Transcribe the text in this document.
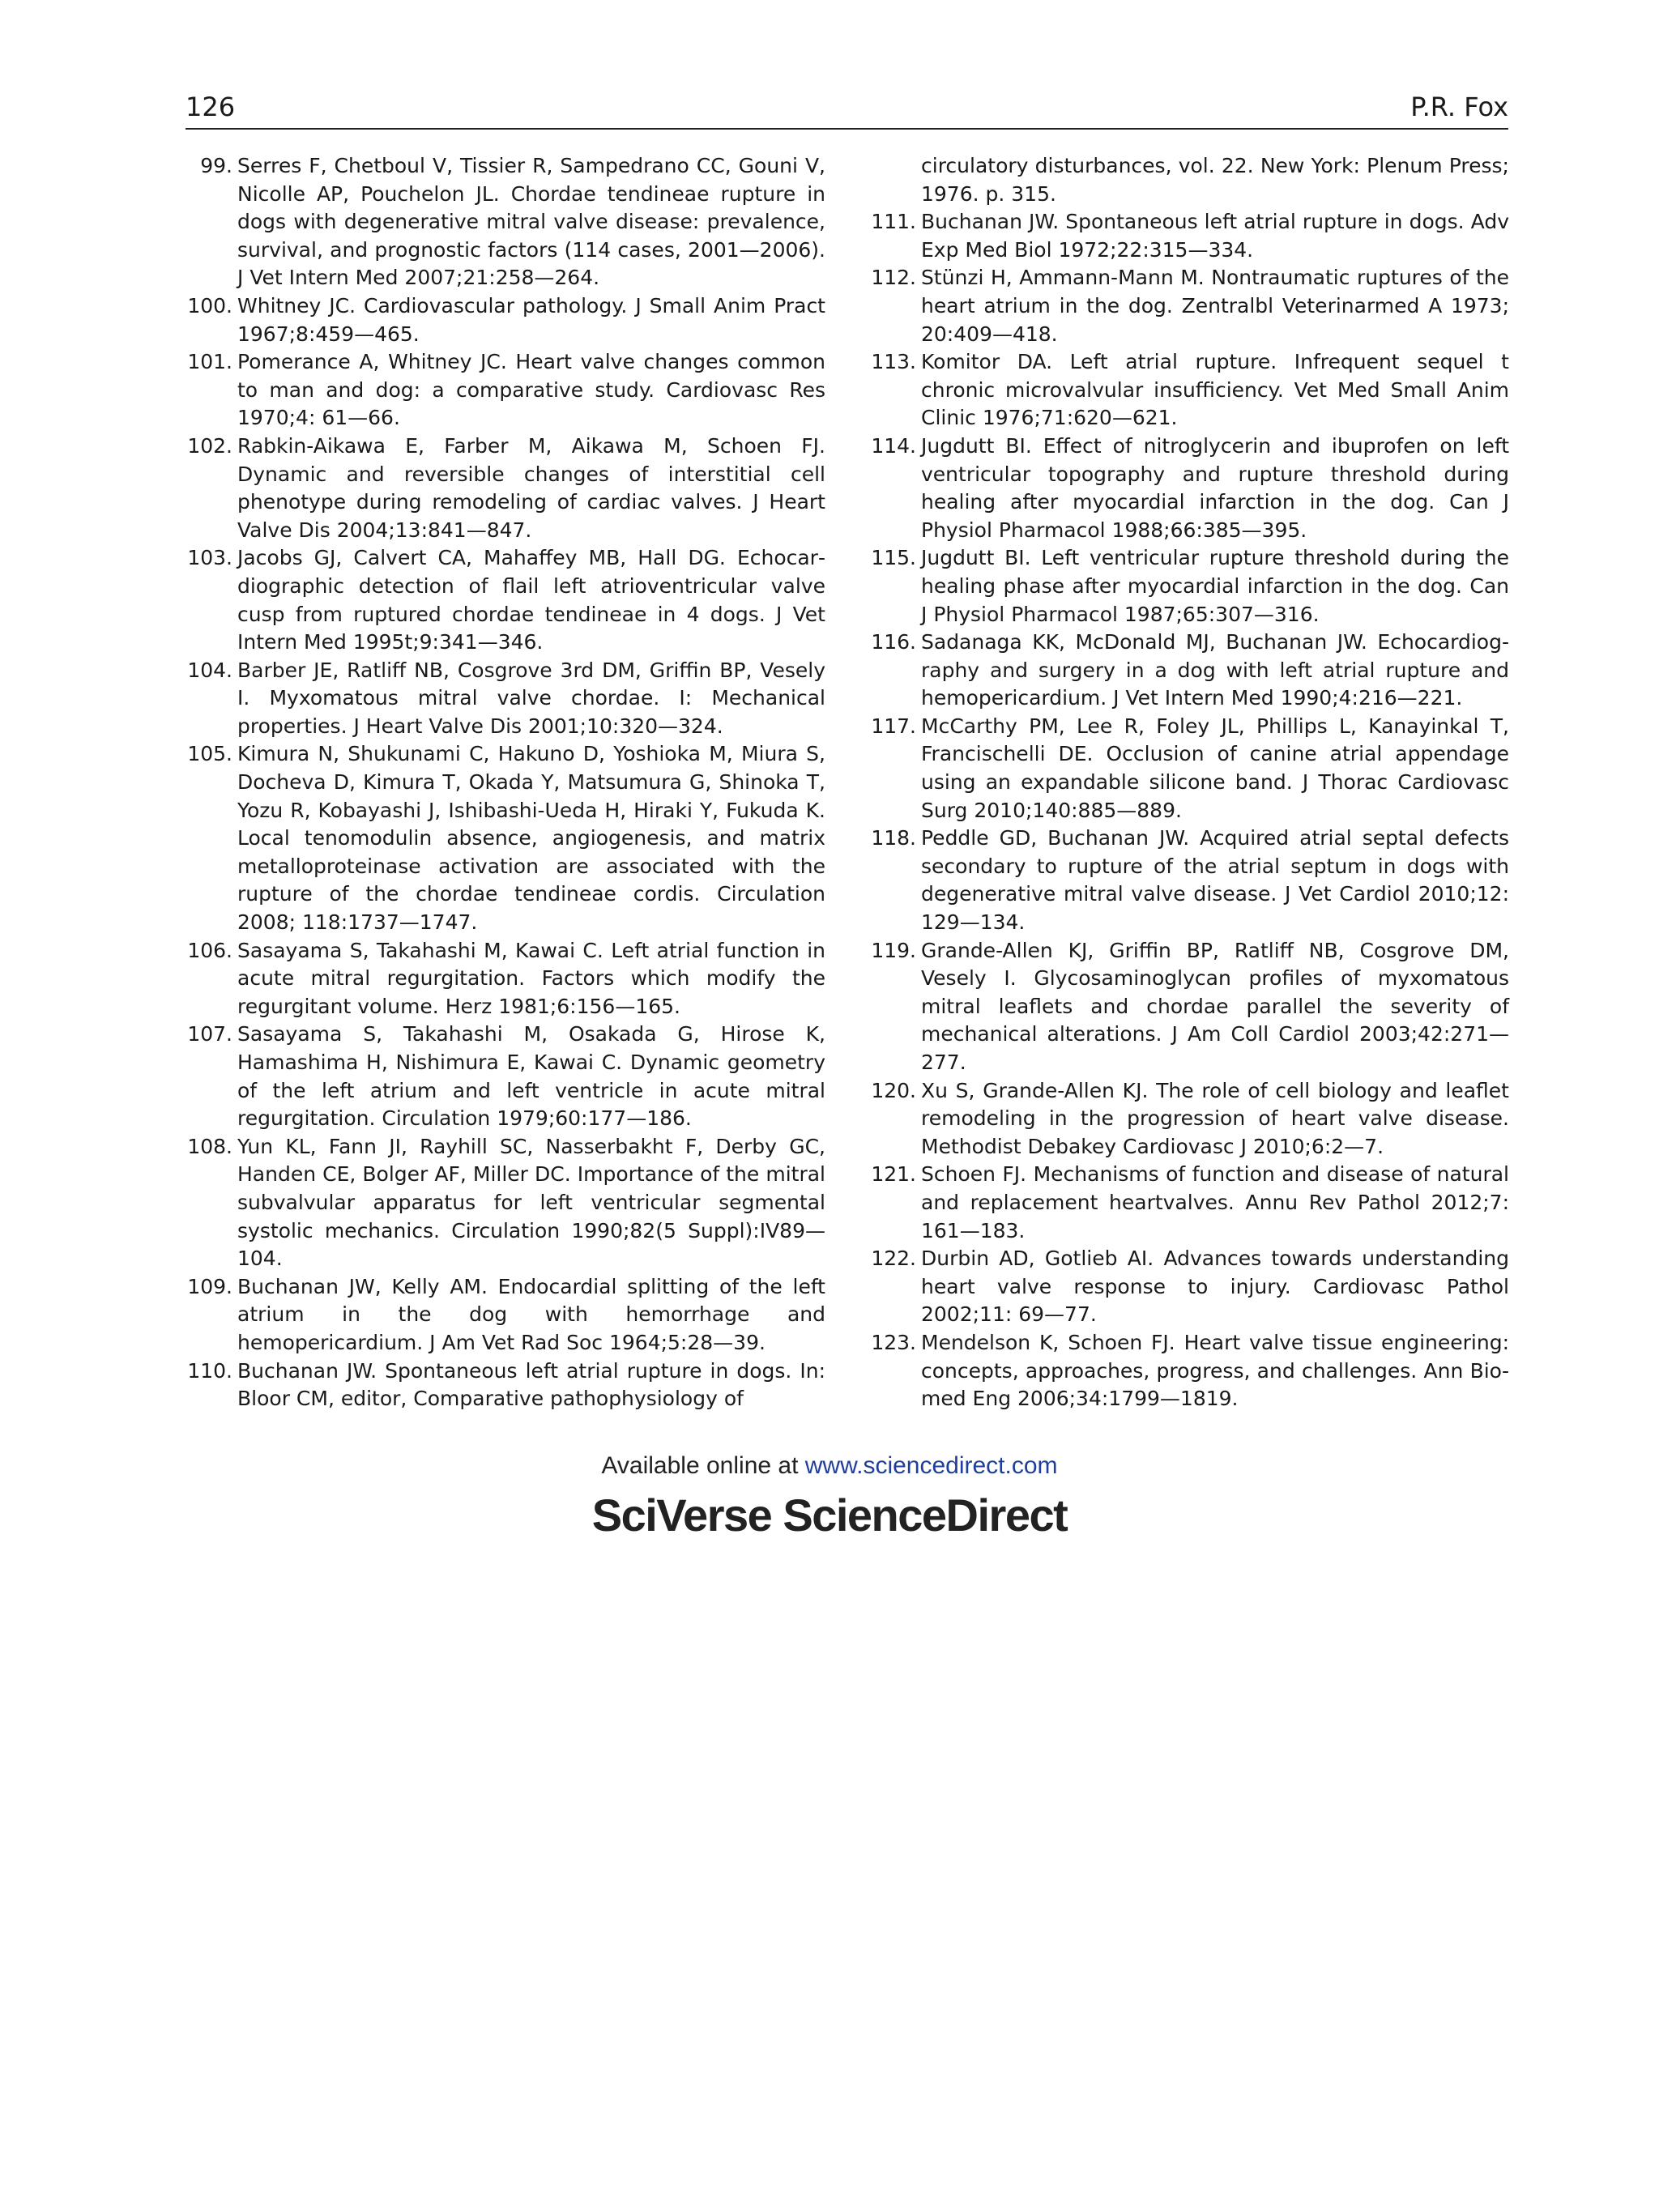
126	P.R. Fox
99. Serres F, Chetboul V, Tissier R, Sampedrano CC, Gouni V, Nicolle AP, Pouchelon JL. Chordae tendineae rupture in dogs with degenerative mitral valve disease: prevalence, survival, and prognostic factors (114 cases, 2001—2006). J Vet Intern Med 2007;21:258—264.
100. Whitney JC. Cardiovascular pathology. J Small Anim Pract 1967;8:459—465.
101. Pomerance A, Whitney JC. Heart valve changes common to man and dog: a comparative study. Cardiovasc Res 1970;4: 61—66.
102. Rabkin-Aikawa E, Farber M, Aikawa M, Schoen FJ. Dynamic and reversible changes of interstitial cell phenotype during remodeling of cardiac valves. J Heart Valve Dis 2004;13:841—847.
103. Jacobs GJ, Calvert CA, Mahaffey MB, Hall DG. Echocardiographic detection of flail left atrioventricular valve cusp from ruptured chordae tendineae in 4 dogs. J Vet Intern Med 1995t;9:341—346.
104. Barber JE, Ratliff NB, Cosgrove 3rd DM, Griffin BP, Vesely I. Myxomatous mitral valve chordae. I: Mechanical properties. J Heart Valve Dis 2001;10:320—324.
105. Kimura N, Shukunami C, Hakuno D, Yoshioka M, Miura S, Docheva D, Kimura T, Okada Y, Matsumura G, Shinoka T, Yozu R, Kobayashi J, Ishibashi-Ueda H, Hiraki Y, Fukuda K. Local tenomodulin absence, angiogenesis, and matrix metalloproteinase activation are associated with the rupture of the chordae tendineae cordis. Circulation 2008; 118:1737—1747.
106. Sasayama S, Takahashi M, Kawai C. Left atrial function in acute mitral regurgitation. Factors which modify the regurgitant volume. Herz 1981;6:156—165.
107. Sasayama S, Takahashi M, Osakada G, Hirose K, Hamashima H, Nishimura E, Kawai C. Dynamic geometry of the left atrium and left ventricle in acute mitral regurgitation. Circulation 1979;60:177—186.
108. Yun KL, Fann JI, Rayhill SC, Nasserbakht F, Derby GC, Handen CE, Bolger AF, Miller DC. Importance of the mitral subvalvular apparatus for left ventricular segmental systolic mechanics. Circulation 1990;82(5 Suppl):IV89—104.
109. Buchanan JW, Kelly AM. Endocardial splitting of the left atrium in the dog with hemorrhage and hemopericardium. J Am Vet Rad Soc 1964;5:28—39.
110. Buchanan JW. Spontaneous left atrial rupture in dogs. In: Bloor CM, editor, Comparative pathophysiology of
circulatory disturbances, vol. 22. New York: Plenum Press; 1976. p. 315.
111. Buchanan JW. Spontaneous left atrial rupture in dogs. Adv Exp Med Biol 1972;22:315—334.
112. Stünzi H, Ammann-Mann M. Nontraumatic ruptures of the heart atrium in the dog. Zentralbl Veterinarmed A 1973; 20:409—418.
113. Komitor DA. Left atrial rupture. Infrequent sequel t chronic microvalvular insufficiency. Vet Med Small Anim Clinic 1976;71:620—621.
114. Jugdutt BI. Effect of nitroglycerin and ibuprofen on left ventricular topography and rupture threshold during healing after myocardial infarction in the dog. Can J Physiol Pharmacol 1988;66:385—395.
115. Jugdutt BI. Left ventricular rupture threshold during the healing phase after myocardial infarction in the dog. Can J Physiol Pharmacol 1987;65:307—316.
116. Sadanaga KK, McDonald MJ, Buchanan JW. Echocardiography and surgery in a dog with left atrial rupture and hemopericardium. J Vet Intern Med 1990;4:216—221.
117. McCarthy PM, Lee R, Foley JL, Phillips L, Kanayinkal T, Francischelli DE. Occlusion of canine atrial appendage using an expandable silicone band. J Thorac Cardiovasc Surg 2010;140:885—889.
118. Peddle GD, Buchanan JW. Acquired atrial septal defects secondary to rupture of the atrial septum in dogs with degenerative mitral valve disease. J Vet Cardiol 2010;12: 129—134.
119. Grande-Allen KJ, Griffin BP, Ratliff NB, Cosgrove DM, Vesely I. Glycosaminoglycan profiles of myxomatous mitral leaflets and chordae parallel the severity of mechanical alterations. J Am Coll Cardiol 2003;42:271—277.
120. Xu S, Grande-Allen KJ. The role of cell biology and leaflet remodeling in the progression of heart valve disease. Methodist Debakey Cardiovasc J 2010;6:2—7.
121. Schoen FJ. Mechanisms of function and disease of natural and replacement heartvalves. Annu Rev Pathol 2012;7: 161—183.
122. Durbin AD, Gotlieb AI. Advances towards understanding heart valve response to injury. Cardiovasc Pathol 2002;11: 69—77.
123. Mendelson K, Schoen FJ. Heart valve tissue engineering: concepts, approaches, progress, and challenges. Ann Biomed Eng 2006;34:1799—1819.
Available online at www.sciencedirect.com
SciVerse ScienceDirect
